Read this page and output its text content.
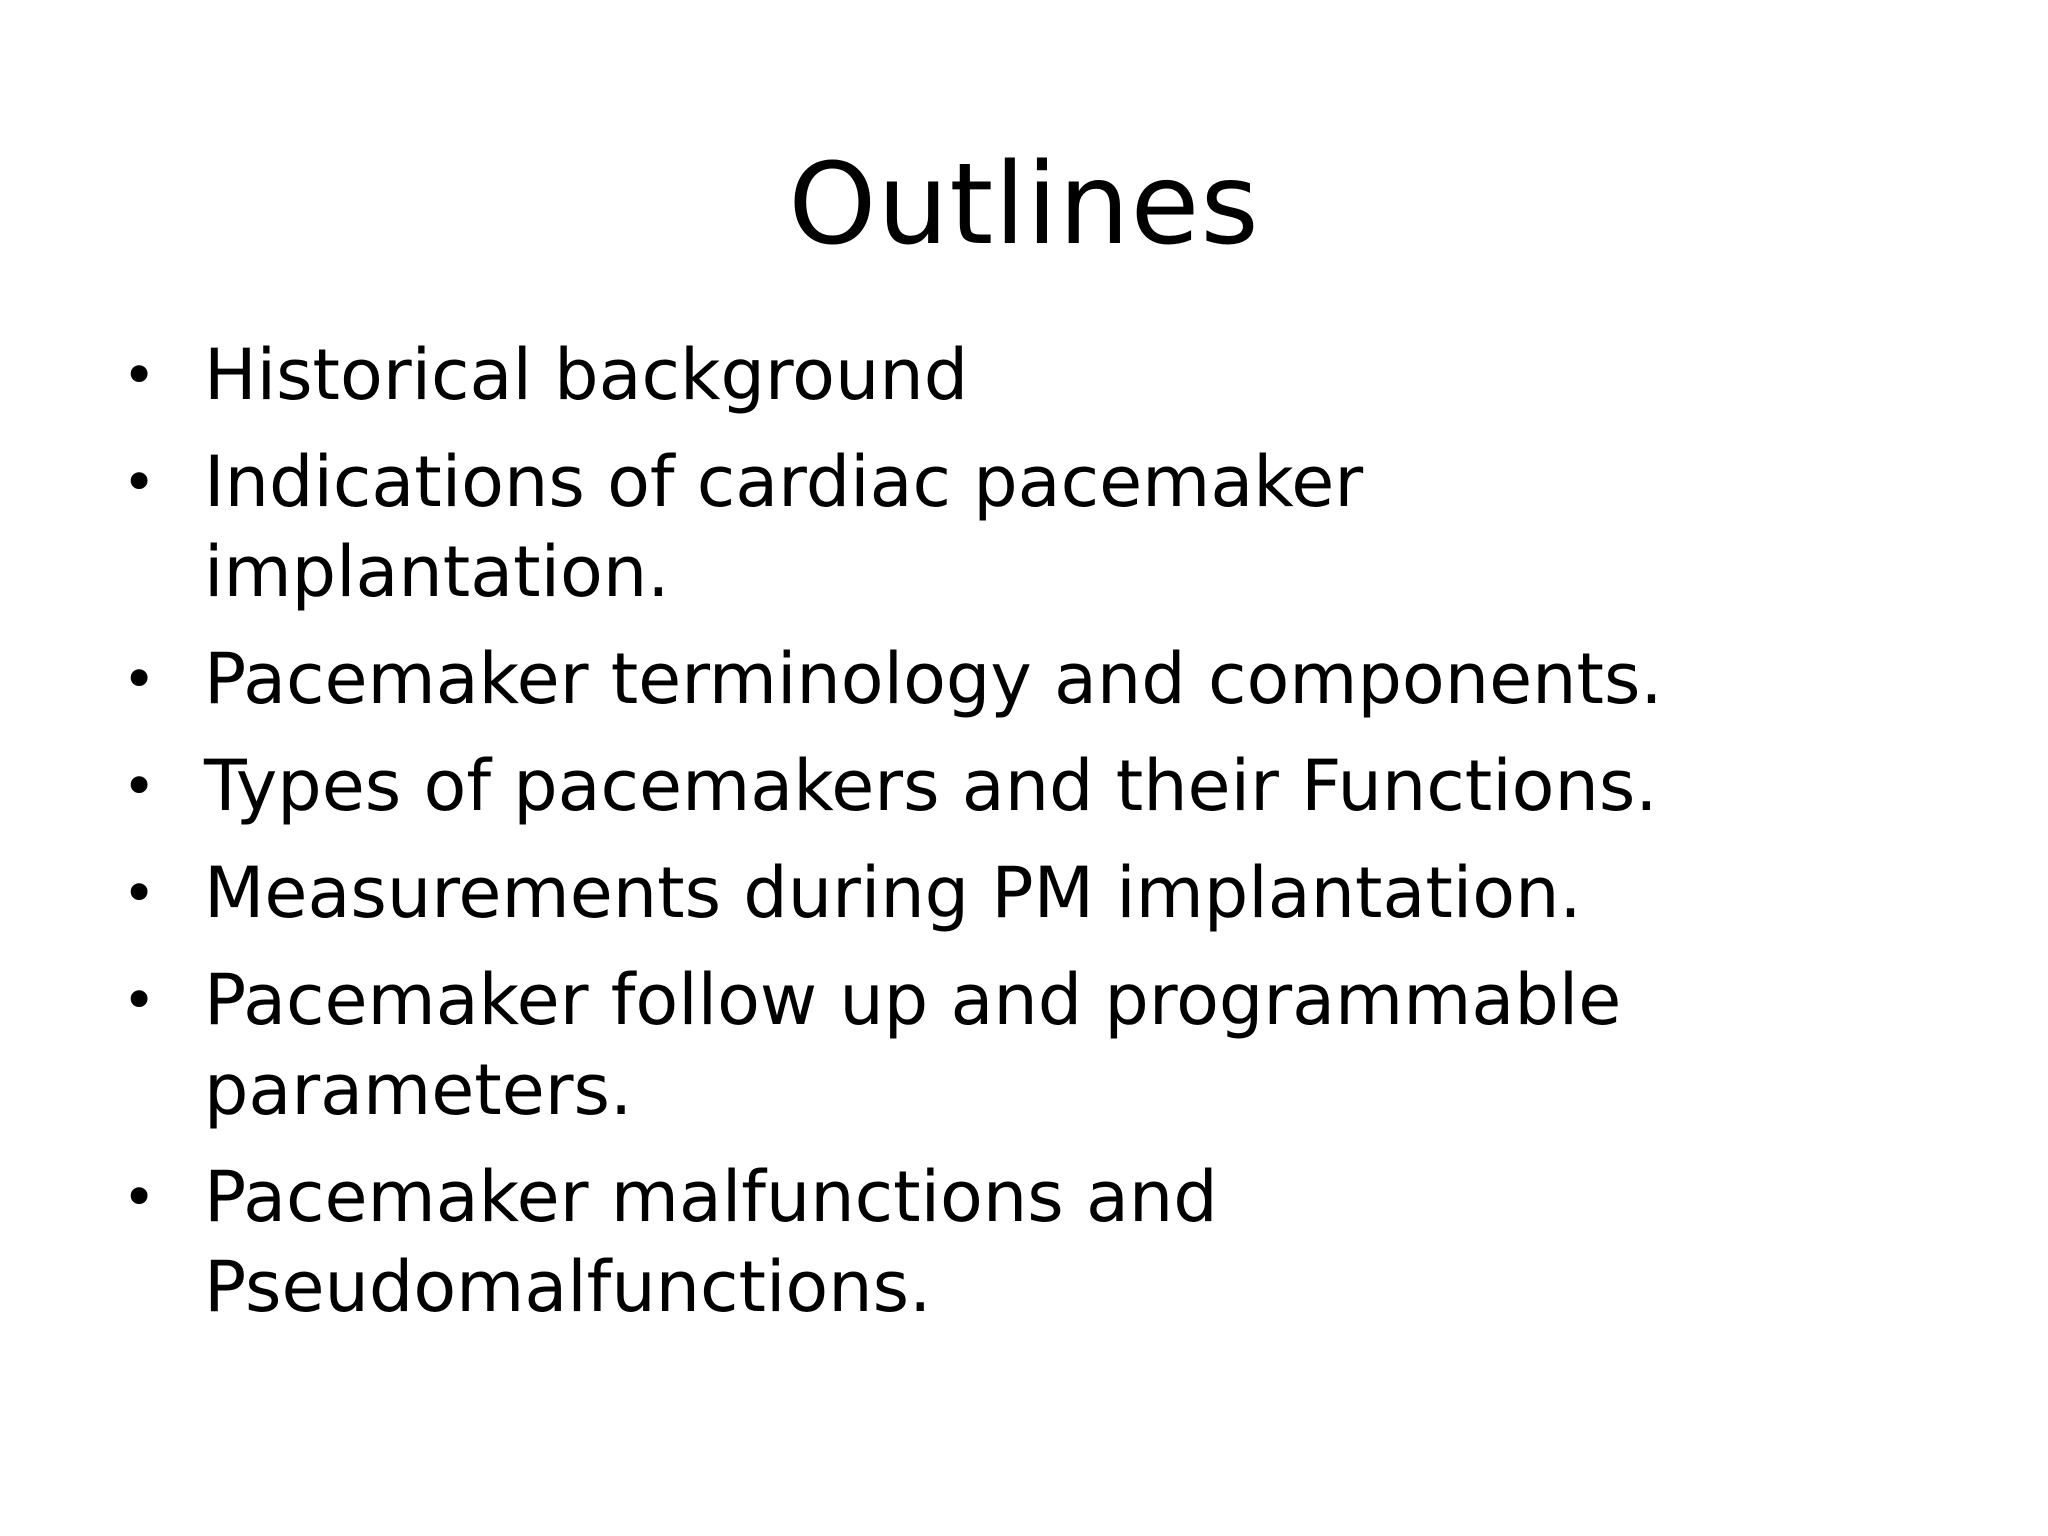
Outlines
• Historical background
• Indications of cardiac pacemaker implantation.
• Pacemaker terminology and components.
• Types of pacemakers and their Functions.
• Measurements during PM implantation.
• Pacemaker follow up and programmable parameters.
• Pacemaker malfunctions and Pseudomalfunctions.
